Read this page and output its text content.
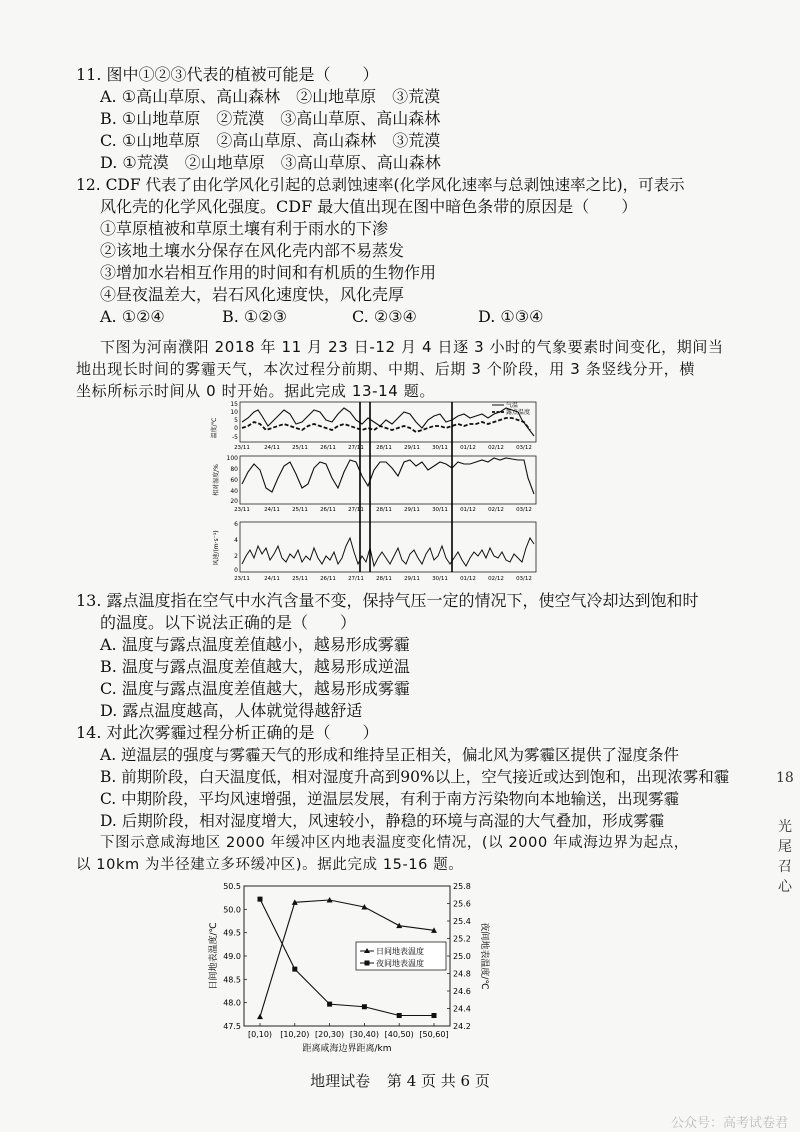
11. 图中①②③代表的植被可能是（　　）
A. ①高山草原、高山森林　②山地草原　③荒漠
B. ①山地草原　②荒漠　③高山草原、高山森林
C. ①山地草原　②高山草原、高山森林　③荒漠
D. ①荒漠　②山地草原　③高山草原、高山森林
12. CDF 代表了由化学风化引起的总剥蚀速率(化学风化速率与总剥蚀速率之比)，可表示
风化壳的化学风化强度。CDF 最大值出现在图中暗色条带的原因是（　　）
①草原植被和草原土壤有利于雨水的下渗
②该地土壤水分保存在风化壳内部不易蒸发
③增加水岩相互作用的时间和有机质的生物作用
④昼夜温差大，岩石风化速度快，风化壳厚
A. ①②④	B. ①②③	C. ②③④	D. ①③④
下图为河南濮阳 2018 年 11 月 23 日-12 月 4 日逐 3 小时的气象要素时间变化，期间当
地出现长时间的雾霾天气，本次过程分前期、中期、后期 3 个阶段，用 3 条竖线分开，横
坐标所标示时间从 0 时开始。据此完成 13-14 题。
温度/℃
15
10
5
0
-5
气温
露点温度
23/11	24/11 25/11 26/11 27/11 28/11 29/11 30/11 01/12 02/12 03/12
相对湿度/%
100
80
60
40
20
23/11	24/11 25/11 26/11 27/11 28/11 29/11 30/11 01/12 02/12 03/12
风速/(m·s⁻¹)
6
4
2
0
23/11	24/11 25/11 26/11 27/11 28/11 29/11 30/11 01/12 02/12 03/12
13. 露点温度指在空气中水汽含量不变，保持气压一定的情况下，使空气冷却达到饱和时
的温度。以下说法正确的是（　　）
A. 温度与露点温度差值越小，越易形成雾霾
B. 温度与露点温度差值越大，越易形成逆温
C. 温度与露点温度差值越大，越易形成雾霾
D. 露点温度越高，人体就觉得越舒适
14. 对此次雾霾过程分析正确的是（　　）
A. 逆温层的强度与雾霾天气的形成和维持呈正相关，偏北风为雾霾区提供了湿度条件
B. 前期阶段，白天温度低，相对湿度升高到90%以上，空气接近或达到饱和，出现浓雾和霾
C. 中期阶段，平均风速增强，逆温层发展，有利于南方污染物向本地输送，出现雾霾
D. 后期阶段，相对湿度增大，风速较小，静稳的环境与高湿的大气叠加，形成雾霾
下图示意咸海地区 2000 年缓冲区内地表温度变化情况，(以 2000 年咸海边界为起点，
以 10km 为半径建立多环缓冲区)。据此完成 15-16 题。
日间地表温度/℃	夜间地表温度/℃
距离咸海边界距离/km
50.5
50.0
49.5
49.0
48.5
48.0
47.5
25.8
25.6
25.4
25.2
25.0
24.8
24.6
24.4
24.2
[0,10) [10,20) [20,30) [30,40) [40,50) [50,60]
日间地表温度
夜间地表温度
地理试卷 第 4 页 共 6 页
公众号：高考试卷君
18
光
尾
召
心
